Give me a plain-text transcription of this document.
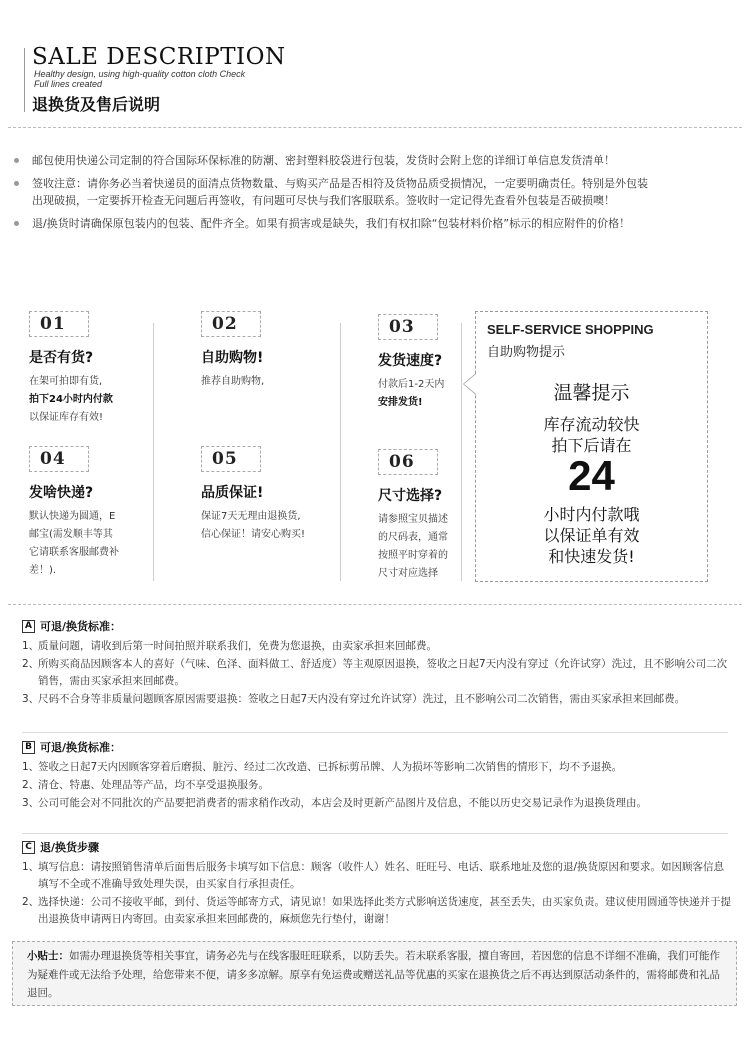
SALE DESCRIPTION
Healthy design, using high-quality cotton cloth Check
Full lines created
退换货及售后说明
邮包使用快递公司定制的符合国际环保标准的防潮、密封塑料胶袋进行包装，发货时会附上您的详细订单信息发货清单！
签收注意：请你务必当着快递员的面清点货物数量、与购买产品是否相符及货物品质受损情况，一定要明确责任。特别是外包装出现破损，一定要拆开检查无问题后再签收，有问题可尽快与我们客服联系。签收时一定记得先查看外包装是否破损噢！
退/换货时请确保原包装内的包装、配件齐全。如果有损害或是缺失，我们有权扣除“包装材料价格”标示的相应附件的价格！
01
是否有货?
在架可拍即有货,
拍下24小时内付款
以保证库存有效!
02
自助购物!
推荐自助购物,
03
发货速度?
付款后1-2天内
安排发货!
04
发啥快递?
默认快递为圆通，E
邮宝(需发顺丰等其
它请联系客服邮费补
差！).
05
品质保证!
保证7天无理由退换货,
信心保证！请安心购买!
06
尺寸选择?
请参照宝贝描述
的尺码表，通常
按照平时穿着的
尺寸对应选择
SELF-SERVICE SHOPPING
自助购物提示
温馨提示
库存流动较快
拍下后请在
24
小时内付款哦
以保证单有效
和快速发货!
A 可退/换货标准：
1、
质量问题，请收到后第一时间拍照并联系我们，免费为您退换，由卖家承担来回邮费。
2、
所购买商品因顾客本人的喜好（气味、色泽、面料做工、舒适度）等主观原因退换，签收之日起7天内没有穿过（允许试穿）洗过，且不影响公司二次销售，需由买家承担来回邮费。
3、
尺码不合身等非质量问题顾客原因需要退换：签收之日起7天内没有穿过允许试穿）洗过，且不影响公司二次销售，需由买家承担来回邮费。
B 可退/换货标准：
1、
签收之日起7天内因顾客穿着后磨损、脏污、经过二次改造、已拆标剪吊牌、人为损坏等影响二次销售的情形下，均不予退换。
2、
清仓、特惠、处理品等产品，均不享受退换服务。
3、
公司可能会对不同批次的产品要把消费者的需求稍作改动，本店会及时更新产品图片及信息，不能以历史交易记录作为退换货理由。
C 退/换货步骤
1、
填写信息：请按照销售清单后面售后服务卡填写如下信息：顾客（收件人）姓名、旺旺号、电话、联系地址及您的退/换货原因和要求。如因顾客信息填写不全或不准确导致处理失误，由买家自行承担责任。
2、
选择快递：公司不接收平邮，到付、货运等邮寄方式，请见谅！如果选择此类方式影响送货速度，甚至丢失，由买家负责。建议使用圆通等快递并于提出退换货申请两日内寄回。由卖家承担来回邮费的，麻烦您先行垫付，谢谢！
小贴士：如需办理退换货等相关事宜，请务必先与在线客服旺旺联系，以防丢失。若未联系客服，擅自寄回，若因您的信息不详细不准确，我们可能作为疑难件或无法给予处理，给您带来不便，请多多凉解。原享有免运费或赠送礼品等优惠的买家在退换货之后不再达到原活动条件的，需将邮费和礼品退回。
